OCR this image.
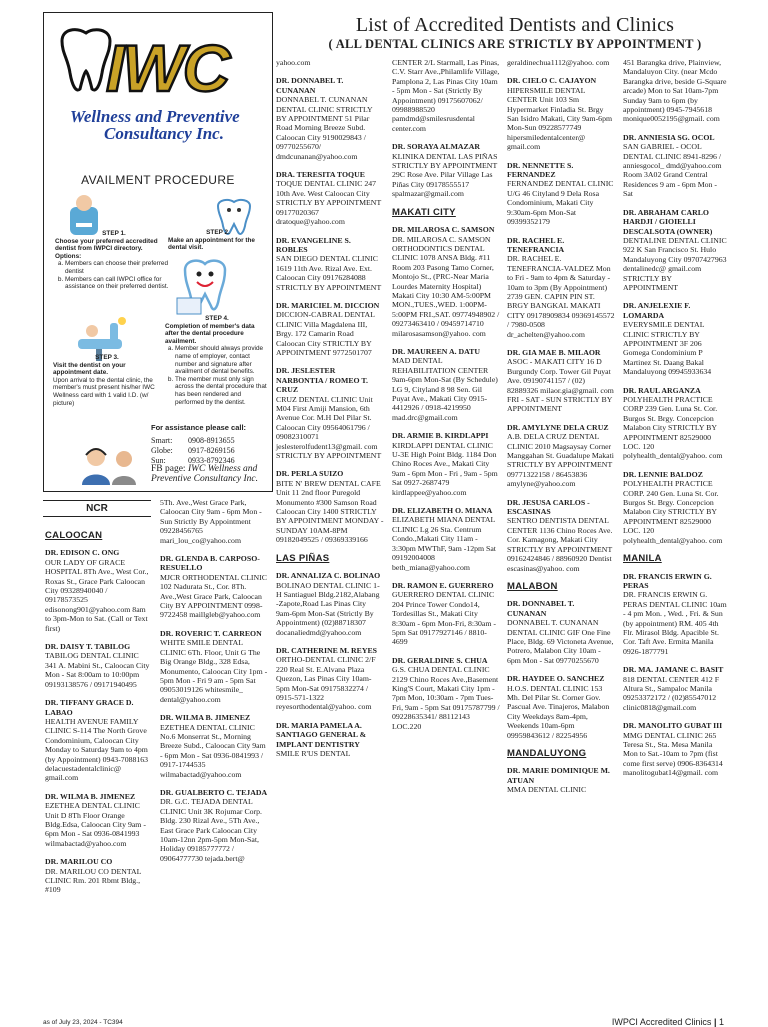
List of Accredited Dentists and Clinics
( ALL DENTAL CLINICS ARE STRICTLY BY APPOINTMENT )
IWC
Wellness and Preventive
Consultancy Inc.
AVAILMENT PROCEDURE
STEP 1.
Choose your preferred accredited dentist from IWPCI directory.
Options:
a. Members can choose their preferred dentist
b. Members can call IWPCI office for assistance on their preferred dentist.
STEP 2.
Make an appointment for the dental visit.
STEP 4.
Completion of member's data after the dental procedure availment.
a. Member should always provide name of employer, contact number and signature after availment of dental benefits.
b. The member must only sign across the dental procedure that has been rendered and performed by the dentist.
STEP 3.
Visit the dentist on your appointment date.
Upon arrival to the dental clinic, the member's must present his/her IWC Wellness card with 1 valid I.D. (w/ picture)
For assistance please call:
Smart:	0908-8913655
Globe:	0917-8269156
Sun:	0933-8792346
FB page: IWC Wellness and Preventive Consultancy Inc.
NCR
CALOOCAN

DR. EDISON C. ONG
OUR LADY OF GRACE HOSPITAL 8Th Ave., West Cor., Roxas St., Grace Park Caloocan City 09328940040 / 09178573525 edisonong901@yahoo.com 8am to 3pm-Mon to Sat. (Call or Text first)

DR. DAISY T. TABILOG
TABILOG DENTAL CLINIC 341 A. Mabini St., Caloocan City Mon - Sat 8:00am to 10:00pm 09193138576 / 09171940495

DR. TIFFANY GRACE D. LABAO
HEALTH AVENUE FAMILY CLINIC S-114 The North Grove Condominium, Caloocan City Monday to Saturday 9am to 4pm (by Appointment) 0943-7088163 delacuestadentalclinic@ gmail.com

DR. WILMA B. JIMENEZ
EZETHEA DENTAL CLINIC Unit D 8Th Floor Orange Bldg.Edsa, Caloocan City 9am - 6pm Mon - Sat 0936-0841993 wilmabactad@yahoo.com

DR. MARILOU CO
DR. MARILOU CO DENTAL CLINIC Rm. 201 Rbmt Bldg., #109

5Th. Ave.,West Grace Park, Caloocan City 9am - 6pm Mon - Sun Strictly By Appointment 09228456765 mari_lou_co@yahoo.com

DR. GLENDA B. CARPOSO-RESUELLO
MJCR ORTHODENTAL CLINIC 102 Nadurata St., Cor. 8Th. Ave.,West Grace Park, Caloocan City BY APPOINTMENT 0998-9722458 maillgleb@yahoo.com

DR. ROVERIC T. CARREON
WHITE SMILE DENTAL CLINIC 6Th. Floor, Unit G The Big Orange Bldg., 328 Edsa, Monumento, Caloocan City 1pm - 5pm Mon - Fri 9 am - 5pm Sat 09053019126 whitesmile_ dental@yahoo.com

DR. WILMA B. JIMENEZ
EZETHEA DENTAL CLINIC No.6 Monserrat St., Morning Breeze Subd., Caloocan City 9am - 6pm Mon - Sat 0936-0841993 / 0917-1744535 wilmabactad@yahoo.com

DR. GUALBERTO C. TEJADA
DR. G.C. TEJADA DENTAL CLINIC Unit 3K Rojumar Corp. Bldg. 230 Rizal Ave., 5Th Ave., East Grace Park Caloocan City 10am-12nn 2pm-5pm Mon-Sat, Holiday 09185777772 / 09064777730 tejada.bert@

yahoo.com

DR. DONNABEL T. CUNANAN
DONNABEL T. CUNANAN DENTAL CLINIC STRICTLY BY APPOINTMENT 51 Pilar Road Morning Breeze Subd. Caloocan City 9190029843 / 09770255670/ dmdcunanan@yahoo.com

DRA. TERESITA TOQUE
TOQUE DENTAL CLINIC 247 10th Ave. West Caloocan City STRICTLY BY APPOINTMENT 09177020367 dratoque@yahoo.com

DR. EVANGELINE S. ROBLES
SAN DIEGO DENTAL CLINIC 1619 11th Ave. Rizal Ave. Ext. Caloocan City 09176284088 STRICTLY BY APPOINTMENT

DR. MARICIEL M. DICCION
DICCION-CABRAL DENTAL CLINIC Villa Magdalena III, Brgy. 172 Camarin Road Caloocan City STRICTLY BY APPOINTMENT 9772501707

DR. JESLESTER NARBONTIA / ROMEO T. CRUZ
CRUZ DENTAL CLINIC Unit M04 First Amiji Mansion, 6th Avenue Cor. M.H Del Pilar St. Caloocan City 09564061796 / 09082310071 jeslesterolfudent13@gmail. com STRICTLY BY APPOINTMENT

DR. PERLA SUIZO
BITE N' BREW DENTAL CAFE Unit 11 2nd floor Puregold Monumento #300 Samson Road Caloocan City 1400 STRICTLY BY APPOINTMENT MONDAY - SUNDAY 10AM-8PM 09182049525 / 09369339166

LAS PIÑAS

DR. ANNALIZA C. BOLINAO
BOLINAO DENTAL CLINIC 1-H Santiaguel Bldg.2182,Alabang -Zapote,Road Las Pinas City 9am-6pm Mon-Sat (Strictly By Appointment) (02)88718307 docanaliedmd@yahoo.com

DR. CATHERINE M. REYES
ORTHO-DENTAL CLINIC 2/F 220 Real St. E.Alvana Plaza Quezon, Las Pinas City 10am-5pm Mon-Sat 09175832274 / 0915-571-1322 reyesorthodental@yahoo. com

DR. MARIA PAMELA A. SANTIAGO GENERAL & IMPLANT DENTISTRY
SMILE R'US DENTAL

CENTER 2/L Starmall, Las Pinas, C.V. Starr Ave.,Philamlife Village, Pamplona 2, Las Pinas City 10am - 5pm Mon - Sat (Strictly By Appointment) 09175607062/ 09988988520 pamdmd@smilesrusdental center.com

DR. SORAYA ALMAZAR
KLINIKA DENTAL LAS PIÑAS STRICTLY BY APPOINTMENT 29C Rose Ave. Pilar Village Las Piñas City 09178555517 spalmazar@gmail.com

MAKATI CITY

DR. MILAROSA C. SAMSON
DR. MILAROSA C. SAMSON ORTHODONTICS DENTAL CLINIC 1078 ANSA Bldg. #11 Room 203 Pasong Tamo Corner, Montojo St., (PRC-Near Maria Lourdes Maternity Hospital) Makati City 10:30 AM-5:00PM MON.,TUES.,WED. 1:00PM-5:00PM FRI.,SAT. 09774948902 / 09273463410 / 09459714710 milarosasamson@yahoo. com

DR. MAUREEN A. DATU
MAD DENTAL REHABILITATION CENTER 9am-6pm Mon-Sat (By Schedule) LG 9, Cityland 8 98 Sen. Gil Puyat Ave., Makati City 0915-4412926 / 0918-4219950 mad.drc@gmail.com

DR. ARMIE B. KIRDLAPPI
KIRDLAPPI DENTAL CLINIC U-3E High Point Bldg. 1184 Don Chino Roces Ave., Makati City 9am - 6pm Mon - Fri , 9am - 5pm Sat 0927-2687479 kirdlappee@yahoo.com

DR. ELIZABETH O. MIANA
ELIZABETH MIANA DENTAL CLINIC Lg 26 Sta. Centrum Condo.,Makati City 11am - 3:30pm MWThF, 9am -12pm Sat 09192004008 beth_miana@yahoo.com

DR. RAMON E. GUERRERO
GUERRERO DENTAL CLINIC 204 Prince Tower Condo14, Tordesillas St., Makati City 8:30am - 6pm Mon-Fri, 8:30am - 5pm Sat 09177927146 / 8810-4699

DR. GERALDINE S. CHUA
G.S. CHUA DENTAL CLINIC 2129 Chino Roces Ave.,Basement King'S Court, Makati City 1pm - 7pm Mon, 10:30am - 7pm Tues-Fri, 9am - 5pm Sat 09175787799 / 09228635341/ 88112143 LOC.220

geraldinechua1112@yahoo. com

DR. CIELO C. CAJAYON
HIPERSMILE DENTAL CENTER Unit 103 Sm Hypermarket Finladia St. Brgy San Isidro Makati, City 9am-6pm Mon-Sun 09228577749 hipersmiledentalcenter@ gmail.com

DR. NENNETTE S. FERNANDEZ
FERNANDEZ DENTAL CLINIC U/G 46 Cityland 9 Dela Rosa Condominium, Makati City 9:30am-6pm Mon-Sat 09399352179

DR. RACHEL E. TENEFRANCIA
DR. RACHEL E. TENEFRANCIA-VALDEZ Mon to Fri - 9am to 4pm & Saturday - 10am to 3pm (By Appointment) 2739 GEN. CAPIN PIN ST. BRGY BANGKAL MAKATI CITY 09178909834 09369145572 / 7980-0508 dr_achelten@yahoo.com

DR. GIA MAE B. MILAOR
ASOC - MAKATI CITY 16 D Burgundy Corp. Tower Gil Puyat Ave. 09190741157 / (02) 82889326 milaor.gia@gmail. com FRI - SAT - SUN STRICTLY BY APPOINTMENT

DR. AMYLYNE DELA CRUZ
A.B. DELA CRUZ DENTAL CLINIC 2010 Magsaysay Corner Manggahan St. Guadalupe Makati STRICTLY BY APPOINTMENT 09771322158 / 86453836 amylyne@yahoo.com

DR. JESUSA CARLOS - ESCASINAS
SENTRO DENTISTA DENTAL CENTER 1136 Chino Roces Ave. Cor. Kamagong, Makati City STRICTLY BY APPOINTMENT 09162424846 / 88960920 Dentist escasinas@yahoo. com

MALABON

DR. DONNABEL T. CUNANAN
DONNABEL T. CUNANAN DENTAL CLINIC GIF One Fine Place, Bldg. 69 Victoneta Avenue, Potrero, Malabon City 10am - 6pm Mon - Sat 09770255670

DR. HAYDEE O. SANCHEZ
H.O.S. DENTAL CLINIC 153 Mh. Del Pilar St. Corner Gov. Pascual Ave. Tinajeros, Malabon City Weekdays 8am-4pm, Weekends 10am-6pm 09959843612 / 82254956

MANDALUYONG

DR. MARIE DOMINIQUE M. ATUAN
MMA DENTAL CLINIC

451 Barangka drive, Plainview, Mandaluyon City. (near Mcdo Barangka drive, beside G-Square arcade) Mon to Sat 10am-7pm Sunday 9am to 6pm (by appointment) 0945-7945618 monique0052195@gmail. com

DR. ANNIESIA SG. OCOL
SAN GABRIEL - OCOL DENTAL CLINIC 8941-8296 / anniesgocol_ dmd@yahoo.com Room 3A02 Grand Central Residences 9 am - 6pm Mon - Sat

DR. ABRAHAM CARLO HARDJI / GIOIELLI DESCALSOTA (OWNER)
DENTALINE DENTAL CLINIC 922 K San Francisco St. Hulo Mandaluyong City 09707427963 dentalinedc@ gmail.com STRICTLY BY APPOINTMENT

DR. ANJELEXIE F. LOMARDA
EVERYSMILE DENTAL CLINIC STRICTLY BY APPOINTMENT 3F 206 Gomega Condominium P Martinez St. Daang Bakal Mandaluyong 09945933634

DR. RAUL ARGANZA
POLYHEALTH PRACTICE CORP 239 Gen. Luna St. Cor. Burgos St. Brgy. Concepcion Malabon City STRICTLY BY APPOINTMENT 82529000 LOC. 120 polyhealth_dental@yahoo. com

DR. LENNIE BALDOZ
POLYHEALTH PRACTICE CORP. 240 Gen. Luna St. Cor. Burgos St. Brgy. Concepcion Malabon City STRICTLY BY APPOINTMENT 82529000 LOC. 120 polyhealth_dental@yahoo. com

MANILA

DR. FRANCIS ERWIN G. PERAS
DR. FRANCIS ERWIN G. PERAS DENTAL CLINIC 10am - 4 pm Mon. , Wed. , Fri. & Sun (by appointment) RM. 405 4th Flr. Mirasol Bldg. Apacible St. Cor. Taft Ave. Ermita Manila 0926-1877791

DR. MA. JAMANE C. BASIT
818 DENTAL CENTER 412 F Altura St., Sampaloc Manila 09253372172 / (02)85547012 clinic0818@gmail.com

DR. MANOLITO GUBAT III
MMG DENTAL CLINIC 265 Teresa St., Sta. Mesa Manila Mon to Sat.-10am to 7pm (fist come first serve) 0906-8364314 manolitogubat14@gmail. com

as of July 23, 2024 - TC394	IWPCI Accredited Clinics | 1
